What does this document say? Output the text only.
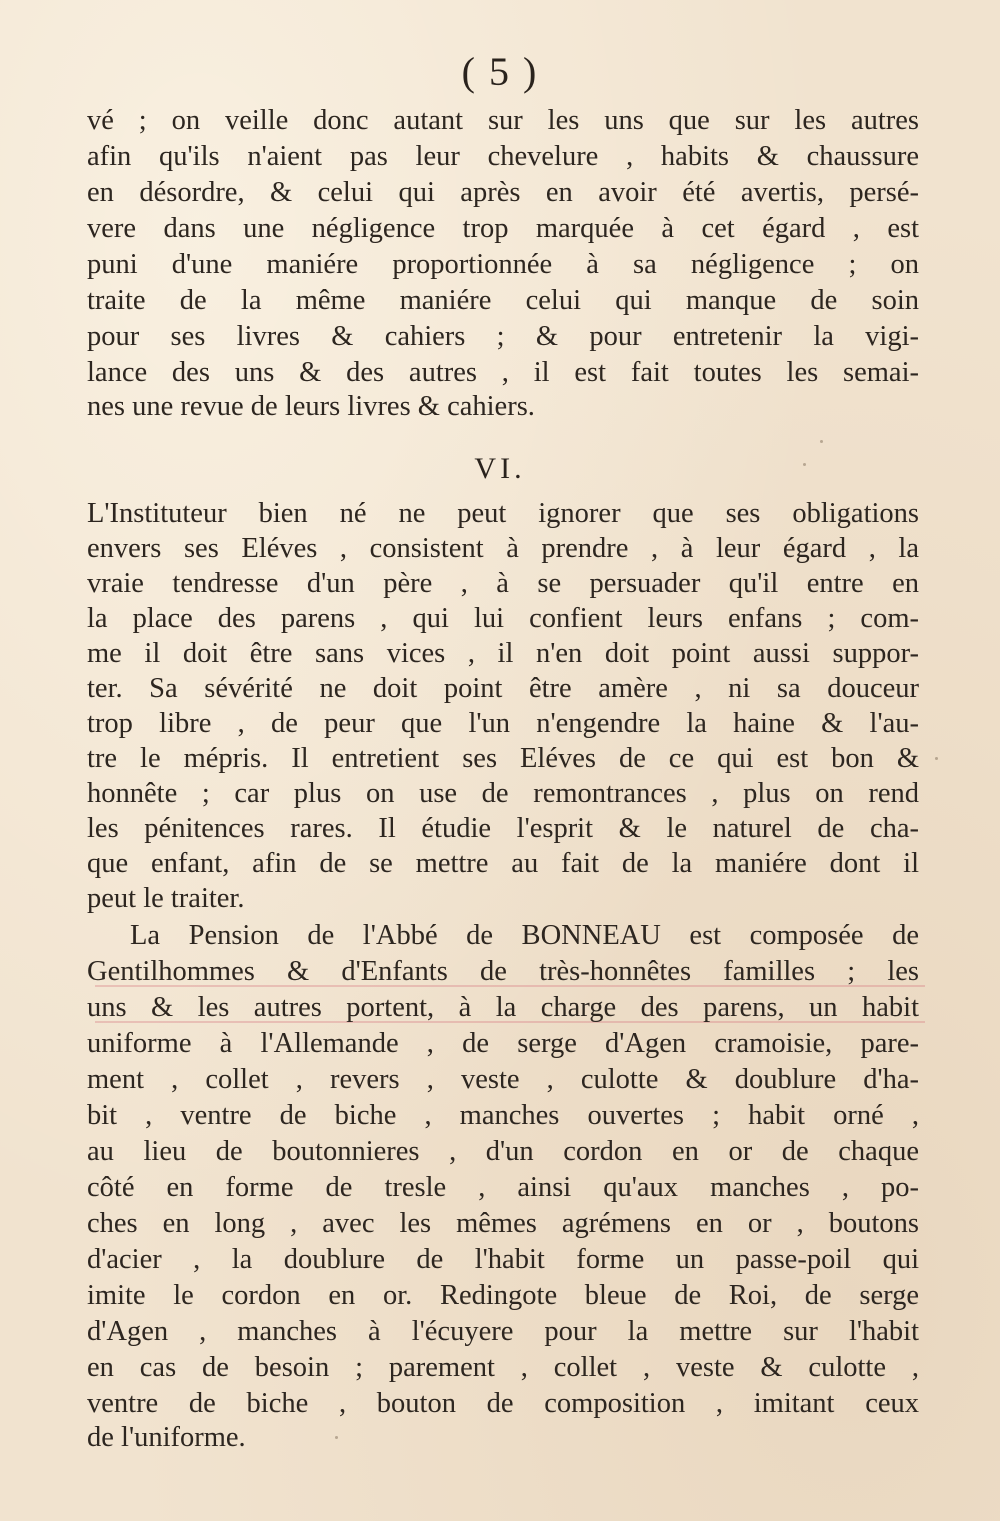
( 5 )
vé ; on veille donc autant sur les uns que sur les autres
afin qu'ils n'aient pas leur chevelure , habits & chaussure
en désordre, & celui qui après en avoir été avertis, persé-
vere dans une négligence trop marquée à cet égard , est
puni d'une maniére proportionnée à sa négligence ; on
traite de la même maniére celui qui manque de soin
pour ses livres & cahiers ; & pour entretenir la vigi-
lance des uns & des autres , il est fait toutes les semai-
nes une revue de leurs livres & cahiers.
VI.
L'Instituteur bien né ne peut ignorer que ses obligations
envers ses Eléves , consistent à prendre , à leur égard , la
vraie tendresse d'un père , à se persuader qu'il entre en
la place des parens , qui lui confient leurs enfans ; com-
me il doit être sans vices , il n'en doit point aussi suppor-
ter. Sa sévérité ne doit point être amère , ni sa douceur
trop libre , de peur que l'un n'engendre la haine & l'au-
tre le mépris. Il entretient ses Eléves de ce qui est bon &
honnête ; car plus on use de remontrances , plus on rend
les pénitences rares. Il étudie l'esprit & le naturel de cha-
que enfant, afin de se mettre au fait de la maniére dont il
peut le traiter.
La Pension de l'Abbé de BONNEAU est composée de
Gentilhommes & d'Enfants de très-honnêtes familles ; les
uns & les autres portent, à la charge des parens, un habit
uniforme à l'Allemande , de serge d'Agen cramoisie, pare-
ment , collet , revers , veste , culotte & doublure d'ha-
bit , ventre de biche , manches ouvertes ; habit orné ,
au lieu de boutonnieres , d'un cordon en or de chaque
côté en forme de tresle , ainsi qu'aux manches , po-
ches en long , avec les mêmes agrémens en or , boutons
d'acier , la doublure de l'habit forme un passe-poil qui
imite le cordon en or. Redingote bleue de Roi, de serge
d'Agen , manches à l'écuyere pour la mettre sur l'habit
en cas de besoin ; parement , collet , veste & culotte ,
ventre de biche , bouton de composition , imitant ceux
de l'uniforme.
